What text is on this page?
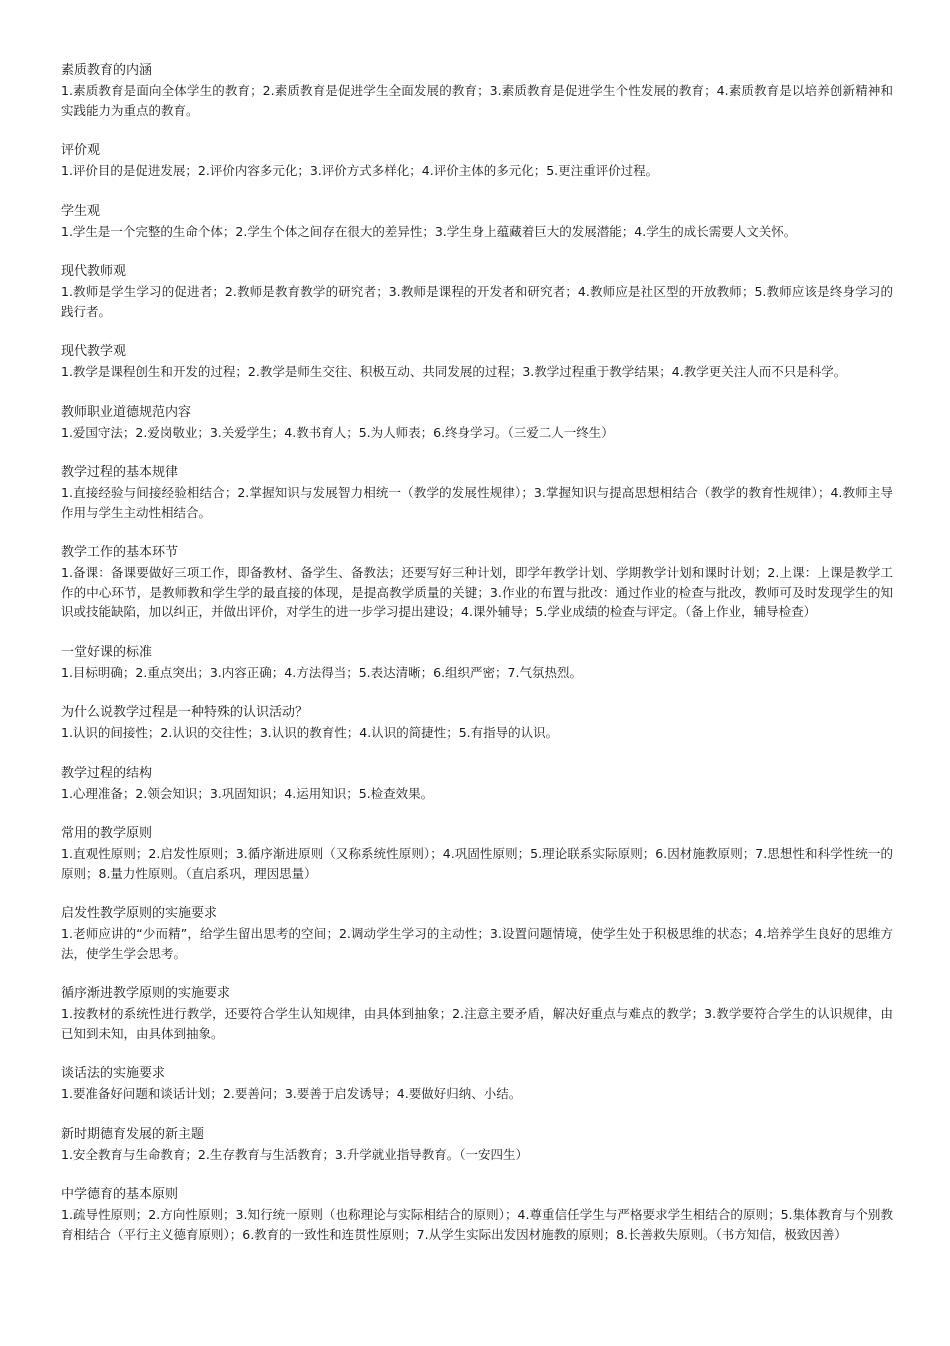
素质教育的内涵

1.素质教育是面向全体学生的教育；2.素质教育是促进学生全面发展的教育；3.素质教育是促进学生个性发展的教育；4.素质教育是以培养创新精神和实践能力为重点的教育。

评价观

1.评价目的是促进发展；2.评价内容多元化；3.评价方式多样化；4.评价主体的多元化；5.更注重评价过程。

学生观

1.学生是一个完整的生命个体；2.学生个体之间存在很大的差异性；3.学生身上蕴藏着巨大的发展潜能；4.学生的成长需要人文关怀。

现代教师观

1.教师是学生学习的促进者；2.教师是教育教学的研究者；3.教师是课程的开发者和研究者；4.教师应是社区型的开放教师；5.教师应该是终身学习的践行者。

现代教学观

1.教学是课程创生和开发的过程；2.教学是师生交往、积极互动、共同发展的过程；3.教学过程重于教学结果；4.教学更关注人而不只是科学。

教师职业道德规范内容

1.爱国守法；2.爱岗敬业；3.关爱学生；4.教书育人；5.为人师表；6.终身学习。（三爱二人一终生）

教学过程的基本规律

1.直接经验与间接经验相结合；2.掌握知识与发展智力相统一（教学的发展性规律）；3.掌握知识与提高思想相结合（教学的教育性规律）；4.教师主导作用与学生主动性相结合。

教学工作的基本环节

1.备课：备课要做好三项工作，即备教材、备学生、备教法；还要写好三种计划，即学年教学计划、学期教学计划和课时计划；2.上课：上课是教学工作的中心环节，是教师教和学生学的最直接的体现，是提高教学质量的关键；3.作业的布置与批改：通过作业的检查与批改，教师可及时发现学生的知识或技能缺陷，加以纠正，并做出评价，对学生的进一步学习提出建设；4.课外辅导；5.学业成绩的检查与评定。（备上作业，辅导检查）

一堂好课的标准

1.目标明确；2.重点突出；3.内容正确；4.方法得当；5.表达清晰；6.组织严密；7.气氛热烈。

为什么说教学过程是一种特殊的认识活动？

1.认识的间接性；2.认识的交往性；3.认识的教育性；4.认识的简捷性；5.有指导的认识。

教学过程的结构

1.心理准备；2.领会知识；3.巩固知识；4.运用知识；5.检查效果。

常用的教学原则

1.直观性原则；2.启发性原则；3.循序渐进原则（又称系统性原则）；4.巩固性原则；5.理论联系实际原则；6.因材施教原则；7.思想性和科学性统一的原则；8.量力性原则。（直启系巩，理因思量）

启发性教学原则的实施要求

1.老师应讲的“少而精”，给学生留出思考的空间；2.调动学生学习的主动性；3.设置问题情境，使学生处于积极思维的状态；4.培养学生良好的思维方法，使学生学会思考。

循序渐进教学原则的实施要求

1.按教材的系统性进行教学，还要符合学生认知规律，由具体到抽象；2.注意主要矛盾，解决好重点与难点的教学；3.教学要符合学生的认识规律，由已知到未知，由具体到抽象。

谈话法的实施要求

1.要准备好问题和谈话计划；2.要善问；3.要善于启发诱导；4.要做好归纳、小结。

新时期德育发展的新主题

1.安全教育与生命教育；2.生存教育与生活教育；3.升学就业指导教育。（一安四生）

中学德育的基本原则

1.疏导性原则；2.方向性原则；3.知行统一原则（也称理论与实际相结合的原则）；4.尊重信任学生与严格要求学生相结合的原则；5.集体教育与个别教育相结合（平行主义德育原则）；6.教育的一致性和连贯性原则；7.从学生实际出发因材施教的原则；8.长善救失原则。（书方知信，极致因善）
